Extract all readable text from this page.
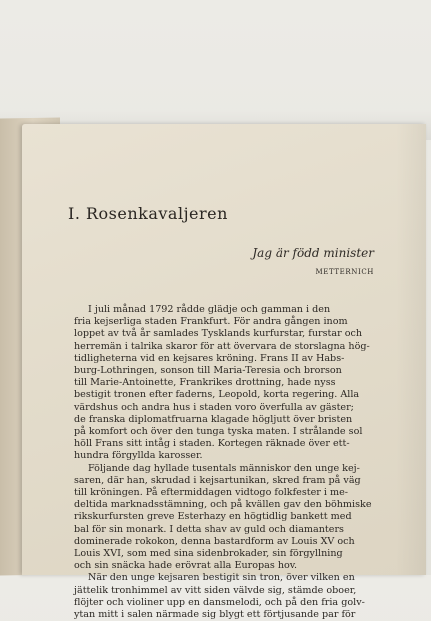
I. Rosenkavaljeren
Jag är född minister
METTERNICH

I juli månad 1792 rådde glädje och gamman i den
fria kejserliga staden Frankfurt. För andra gången inom
loppet av två år samlades Tysklands kurfurstar, furstar och
herremän i talrika skaror för att övervara de storslagna hög-
tidligheterna vid en kejsares kröning. Frans II av Habs-
burg-Lothringen, sonson till Maria-Teresia och brorson
till Marie-Antoinette, Frankrikes drottning, hade nyss
bestigit tronen efter faderns, Leopold, korta regering. Alla
värdshus och andra hus i staden voro överfulla av gäster;
de franska diplomatfruarna klagade högljutt över bristen
på komfort och över den tunga tyska maten. I strålande sol
höll Frans sitt intåg i staden. Kortegen räknade över ett-
hundra förgyllda karosser.

Följande dag hyllade tusentals människor den unge kej-
saren, där han, skrudad i kejsartunikan, skred fram på väg
till kröningen. På eftermiddagen vidtogo folkfester i me-
deltida marknadsstämning, och på kvällen gav den böhmiske
rikskurfursten greve Esterhazy en högtidlig bankett med
bal för sin monark. I detta shav av guld och diamanters
dominerade rokokon, denna bastardform av Louis XV och
Louis XVI, som med sina sidenbrokader, sin förgyllning
och sin snäcka hade erövrat alla Europas hov.

När den unge kejsaren bestigit sin tron, över vilken en
jättelik tronhimmel av vitt siden välvde sig, stämde oboer,
flöjter och violiner upp en dansmelodi, och på den fria golv-
ytan mitt i salen närmade sig blygt ett förtjusande par för
